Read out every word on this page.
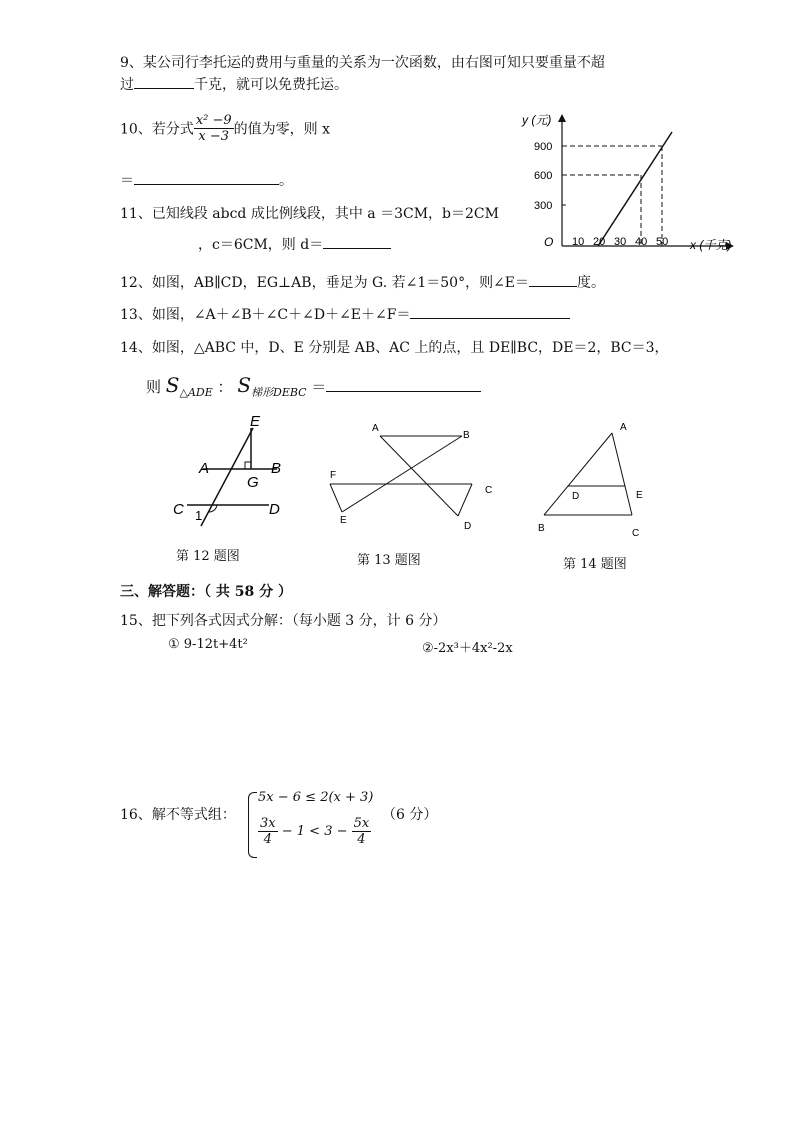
9、某公司行李托运的费用与重量的关系为一次函数，由右图可知只要重量不超
过	千克，就可以免费托运。
10、若分式 $\frac{\text{x² −9}}{x -3}$ 的值为零，则 x
＝	。
11、已知线段 abcd 成比例线段，其中 a ＝3CM，b＝2CM
，c＝6CM，则 d＝
12、如图，AB∥CD，EG⊥AB，垂足为 G. 若∠1＝50°，则∠E＝	度。
13、如图，∠A＋∠B＋∠C＋∠D＋∠E＋∠F＝
14、如图，△ABC 中，D、E 分别是 AB、AC 上的点，且 DE∥BC，DE＝2，BC＝3，
则 $S_{\triangle ADE}$ ： $S_{梯形DEBC}$ ＝
y (元)
x (千克)
O
900
600
300
10 20 30 40 50
E
A
G
B
C 1	D
第 12 题图
A
B
F
C
E
D
第 13 题图
A
D	E
B	C
第 14 题图
三、解答题：（ 共 58 分 ）
15、把下列各式因式分解：（每小题 3 分，计 6 分）
① 9-12t+4t²	②-2x³＋4x²-2x
16、解不等式组：
5x − 6 ≤ 2(x + 3)
$\frac{3x}{4} - 1 < 3 - \frac{5x}{4}$
（6 分）
